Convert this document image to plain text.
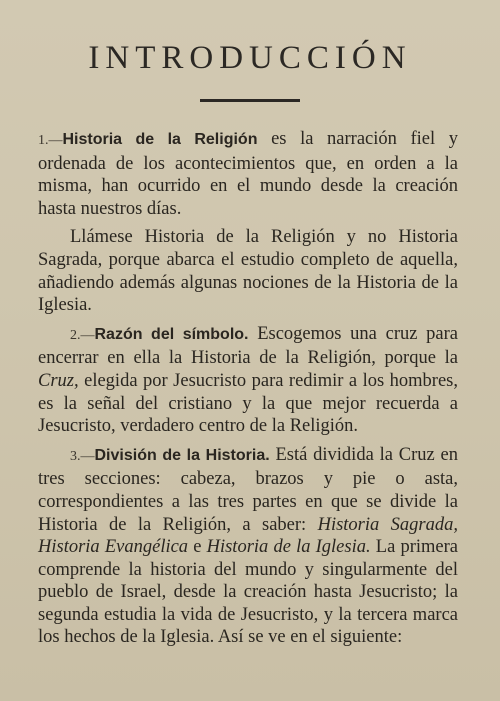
INTRODUCCIÓN

1.—Historia de la Religión es la narración fiel y ordenada de los acontecimientos que, en orden a la misma, han ocurrido en el mundo desde la creación hasta nuestros días.

Llámese Historia de la Religión y no Historia Sagrada, porque abarca el estudio completo de aquella, añadiendo además algunas nociones de la Historia de la Iglesia.

2.—Razón del símbolo. Escogemos una cruz para encerrar en ella la Historia de la Religión, porque la Cruz, elegida por Jesucristo para redimir a los hombres, es la señal del cristiano y la que mejor recuerda a Jesucristo, verdadero centro de la Religión.

3.—División de la Historia. Está dividida la Cruz en tres secciones: cabeza, brazos y pie o asta, correspondientes a las tres partes en que se divide la Historia de la Religión, a saber: Historia Sagrada, Historia Evangélica e Historia de la Iglesia. La primera comprende la historia del mundo y singularmente del pueblo de Israel, desde la creación hasta Jesucristo; la segunda estudia la vida de Jesucristo, y la tercera marca los hechos de la Iglesia. Así se ve en el siguiente:
